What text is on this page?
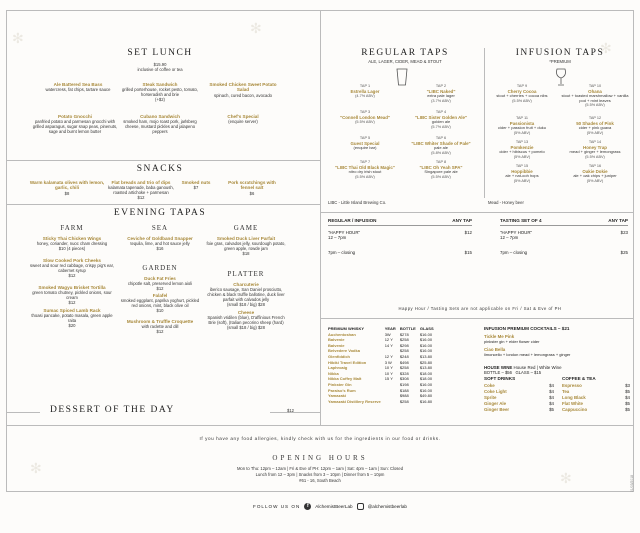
✻
✻
✻
✻
✻
SET LUNCH
$15.90
inclusive of coffee or tea
Ale Battered Sea Bass
watercress, fat chips, tartare sauce
Steak Sandwich
grilled porterhouse, rocket pesto, tomato, horseradish and brie
(+$2)
Smoked Chicken Sweet Potato Salad
spinach, cured bacon, avocado
Potato Gnocchi
panfried potato and parmesan gnocchi with grilled asparagus, sugar snap peas, pinenuts, sage and burnt lemon butter
Cubano Sandwich
smoked ham, mojo roast pork, jarlsberg cheese, mustard pickles and jalapeno peppers
Chef's Special
(enquire server)
SNACKS
Warm kalamata olives with lemon, garlic, chili
$8
Flat breads and trio of dips
kalamata tapenade, baba ganoush, roasted artichoke + parmesan
$12
Smoked nuts
$7
Pork scratchings with fennel salt
$6
EVENING TAPAS
FARM
Sticky Thai Chicken Wings
honey, coriander, nuoc cham dressing
$10 (4 pieces)
Slow Cooked Pork Cheeks
sweet and sour red cabbage, crispy pig's ear, cabernet syrup
$12
Smoked Wagyu Brisket Tortilla
green tomato chutney, pickled onions, sour cream
$12
Sumac Spiced Lamb Rack
thoasi pancake, potato masala, green apple raita
$20
SEA
Ceviche of Goldband Snapper
tequila, lime, and hot sauce jelly
$16
GARDEN
Duck Fat Fries
chipotle salt, preserved lemon aioli
$12
Falafel
smoked eggplant, paprika yoghurt, pickled red onions, mint, black olive oil
$10
Mushroom & Truffle Croquette
with raclette and dill
$12
GAME
Smoked Duck Liver Parfait
foie gras, calvados jelly, sourdough potato, green apple, rowde jam
$18
PLATTER
Charcuterie
iberico sausage, San Daniel prosciutto, chicken & black truffle ballotine, duck liver parfait with calvados jelly
(small $18 / big) $28
Cheese
Spanish vridilen (blue), D'affinious French Brie (soft), (Italian pecorino sheep (hard)
(small $18 / big) $28
DESSERT OF THE DAY	$12
REGULAR TAPS
ALE, LAGER, CIDER, MEAD & STOUT
TAP 1
Estrella Lager
(4.7% ABV)
TAP 2
"LIBC Naked"
extra pale lager
(3.7% ABV)
TAP 3
"Connell London Mead"
(5.5% ABV)
TAP 4
"LIBC Sister Golden Ale"
golden ale
(5.7% ABV)
TAP 5
Guest Special
(enquire bar)
TAP 6
"LIBC Whiter Shade of Pale"
pale ale
(5.8% ABV)
TAP 7
"LIBC Thai Old Black Magic"
nitro dry irish stout
(5.5% ABV)
TAP 8
"LIBC Oh Yeah SPA"
Singapore pale ale
(5.5% ABV)
LIBC - Little Island Brewing Co.
INFUSION TAPS
*PREMIUM
TAP 9
Cherry Cocoa
stout + cherries + cocoa nibs
(5.5% ABV)
TAP 10
Ohana
stout + toasted marshmallow + vanilla pod + mint leaves
(5.5% ABV)
TAP 11
Passionista
cider + passion fruit + duku
(5% ABV)
TAP 12
50 Shades of Pink
cider + pink guava
(5% ABV)
TAP 13
Pomkenzie
cider + hibiscus + pomelo
(5% ABV)
TAP 14
Honey Trap
mead + ginger + lemongrass
(5.5% ABV)
TAP 15
Hoppibbie
ale + nat-ooh hops
(5% ABV)
TAP 16
Oakie Dokie
ale + oak chips + juniper
(5% ABV)
Mead - Honey beer
REGULAR / INFUSION	ANY TAP
"HAPPY HOUR"
12 – 7pm
$12
7pm – closing	$15
TASTING SET OF 4	ANY TAP
"HAPPY HOUR"
12 – 7pm
$23
7pm – closing	$25
Happy Hour / Tasting Sets are not applicable on Fri / Sat & Eve of PH
PREMIUM WHISKY	YEAR	BOTTLE	GLASS
Auchentoshan	3W	$278	$16.00
Balvenie	12 Y	$258	$16.00
Balvenie	14 Y	$298	$16.00
Belvedere Vodka		$258	$16.00
Glenfiddich	12 Y	$248	$13.80
Hibiki Travel Edition	3 W	$498	$25.80
Laphroaig	10 Y	$258	$13.80
Nikka	10 Y	$328	$18.00
Nikka Coffey Malt	15 Y	$308	$18.00
Pinkster Gin		$198	$16.00
Paraiso's Rum		$188	$16.00
Yamazaki		$988	$49.80
Yamazaki Distillery Reserve		$258	$16.80
INFUSION PREMIUM COCKTAILS – $21
Tickle Me Pink
pinkster gin + elder flower cider
Ciao Bella
limoncello + london mead + lemongrass + ginger
HOUSE WINE House Red | White Wine
BOTTLE – $56 GLASS – $15
SOFT DRINKS
Coke	$4
Coke Light	$4
Sprite	$4
Ginger Ale	$4
Ginger Beer	$5
COFFEE & TEA
Espresso	$3
Tea	$5
Long Black	$4
Flat White	$5
Cappuccino	$5
If you have any food allergies, kindly check with us for the ingredients in our food or drinks.
OPENING HOURS
Mon to Thu: 12pm – 12am | Fri & Eve of PH: 12pm – 1am | Sat: 4pm – 1am | Sun: Closed
Lunch from 12 – 3pm | Snacks from 3 – 10pm | Dinner from 5 – 10pm
#61 - 16, South Beach
FOLLOW US ON	f	AlchemistBeerLab	@alchemistbeerlab
01/03/2018
